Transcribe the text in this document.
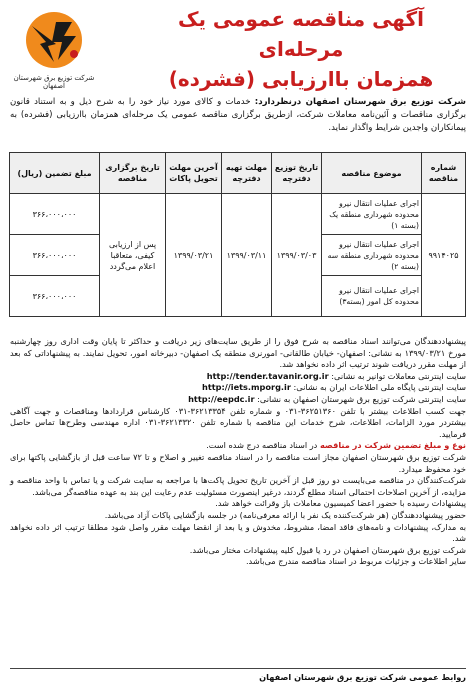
آگهی مناقصه عمومی یک مرحله‌ای
همزمان باارزیابی (فشرده)
شرکت توزیع برق شهرستان اصفهان
شرکت توزیع برق شهرستان اصفهان درنظردارد: خدمات و کالای مورد نیاز خود را به شرح ذیل و به استناد قانون برگزاری مناقصات و آئین‌نامه معاملات شرکت، ازطریق برگزاری مناقصه عمومی یک مرحله‌ای همزمان باارزیابی (فشرده) به پیمانکاران واجدین شرایط واگذار نماید.
شماره مناقصه	موضوع مناقصه	تاریخ توزیع دفترچه	مهلت تهیه دفترچه	آخرین مهلت تحویل پاکات	تاریخ برگزاری مناقصه	مبلغ تضمین (ریال)
۹۹۱۴۰۲۵	اجرای عملیات انتقال نیرو محدوده شهرداری منطقه یک (بسته ۱)	۱۳۹۹/۰۳/۰۳	۱۳۹۹/۰۳/۱۱	۱۳۹۹/۰۳/۲۱	پس از ارزیابی کیفی، متعاقبا اعلام می‌گردد	۳۶۶،۰۰۰،۰۰۰
	اجرای عملیات انتقال نیرو محدوده شهرداری منطقه سه (بسته ۲)					۳۶۶،۰۰۰،۰۰۰
	اجرای عملیات انتقال نیرو محدوده کل امور (بسته۳)					۳۶۶،۰۰۰،۰۰۰

پیشنهاددهندگان می‌توانند اسناد مناقصه به شرح فوق را از طریق سایت‌های زیر دریافت و حداکثر تا پایان وقت اداری روز چهارشنبه مورخ ۱۳۹۹/۰۳/۲۱ به نشانی: اصفهان- خیابان طالقانی- امورنری منطقه یک اصفهان- دبیرخانه امور، تحویل نمایند. به پیشنهاداتی که بعد از مهلت مقرر دریافت شوند ترتیب اثر داده نخواهد شد.

سایت اینترنتی معاملات توانیر به نشانی: http://tender.tavanir.org.ir

سایت اینترنتی پایگاه ملی اطلاعات ایران به نشانی: http://iets.mporg.ir

سایت اینترنتی شرکت توزیع برق شهرستان اصفهان به نشانی: http://eepdc.ir

جهت کسب اطلاعات بیشتر با تلفن ۳۶۲۵۱۳۶۰-۰۳۱ و شماره تلفن ۳۶۲۱۳۳۵۴-۰۳۱ کارشناس قراردادها ومناقصات و جهت آگاهی بیشتردر مورد الزامات، اطلاعات، شرح خدمات این مناقصه با شماره تلفن ۳۶۲۱۳۳۲۰-۰۳۱ اداره مهندسی وطرح‌ها تماس حاصل فرمایید.

نوع و مبلغ تضمین شرکت در مناقصه در اسناد مناقصه درج شده است.

شرکت توزیع برق شهرستان اصفهان مجاز است مناقصه را در اسناد مناقصه تغییر و اصلاح و تا ۷۲ ساعت قبل از بازگشایی پاکتها برای خود محفوظ میدارد.

شرکت‌کنندگان در مناقصه می‌بایست دو روز قبل از آخرین تاریخ تحویل پاکت‌ها با مراجعه به سایت شرکت و یا تماس با واحد مناقصه و مزایده، از آخرین اصلاحات احتمالی اسناد مطلع گردند، درغیر اینصورت مسئولیت عدم رعایت این بند به عهده مناقصه‌گر می‌باشد.

پیشنهادات رسیده با حضور اعضا کمیسیون معاملات باز وقرائت خواهد شد.

حضور پیشنهاددهندگان (هر شرکت‌کننده یک نفر با ارائه معرفی‌نامه) در جلسه بازگشایی پاکات آزاد می‌باشد.

به مدارک، پیشنهادات و نامه‌های فاقد امضا، مشروط، مخدوش و یا بعد از انقضا مهلت مقرر واصل شود مطلقا ترتیب اثر داده نخواهد شد.

شرکت توزیع برق شهرستان اصفهان در رد یا قبول کلیه پیشنهادات مختار می‌باشد.

سایر اطلاعات و جزئیات مربوط در اسناد مناقصه مندرج می‌باشد.

روابط عمومی شرکت توزیع برق شهرستان اصفهان
